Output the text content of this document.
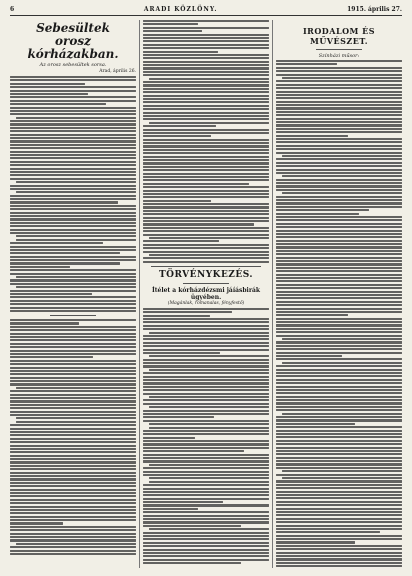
6	ARADI KÖZLÖNY.	1915. április 27.
Sebesültek
orosz kórházakban.
Az orosz sebesültek sorsa.
Arad, április 26.
TÖRVÉNYKEZÉS.
Ítélet a kórházdézsmi jáíásbirák ügyében.
(Magánlak, romanalas, fényfestő)
IRODALOM ÉS MŰVÉSZET.
Színházi műsor:
